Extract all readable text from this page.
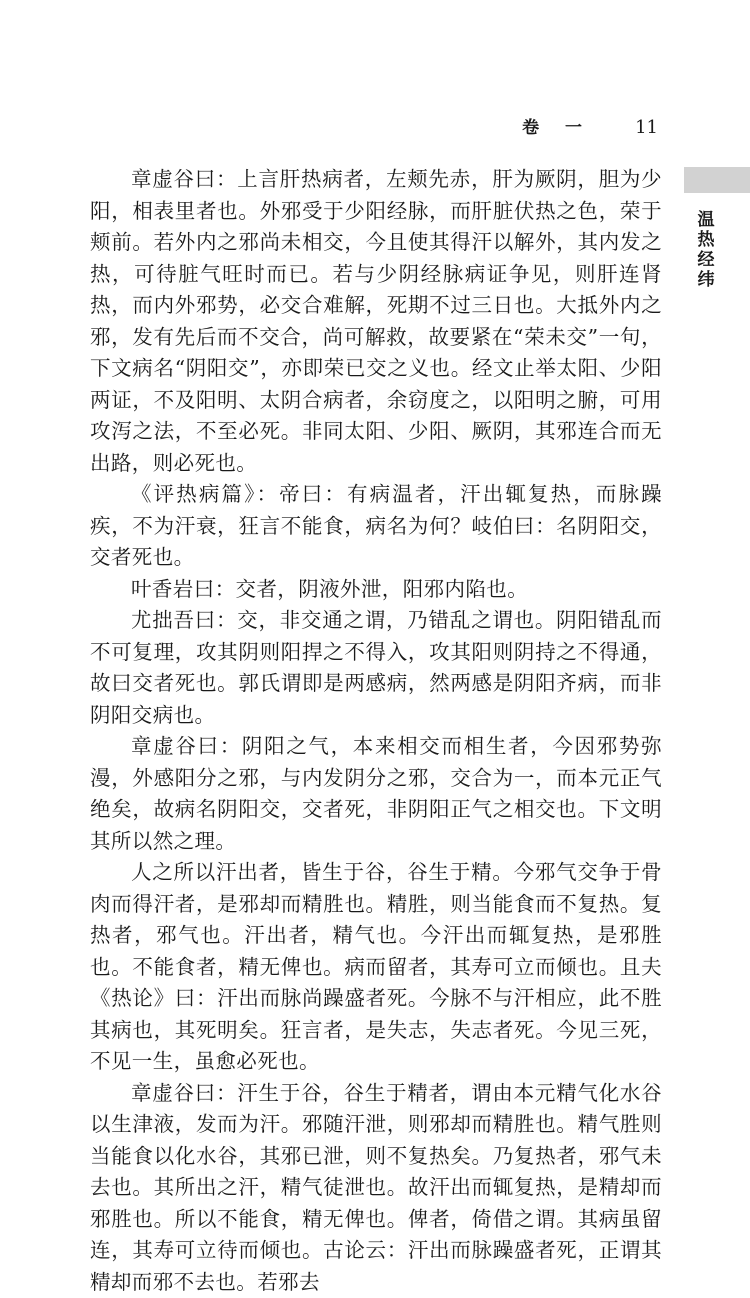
卷 一 11
温热经纬

章虚谷曰：上言肝热病者，左颊先赤，肝为厥阴，胆为少阳，相表里者也。外邪受于少阳经脉，而肝脏伏热之色，荣于颊前。若外内之邪尚未相交，今且使其得汗以解外，其内发之热，可待脏气旺时而已。若与少阴经脉病证争见，则肝连肾热，而内外邪势，必交合难解，死期不过三日也。大抵外内之邪，发有先后而不交合，尚可解救，故要紧在“荣未交”一句，下文病名“阴阳交”，亦即荣已交之义也。经文止举太阳、少阳两证，不及阳明、太阴合病者，余窃度之，以阳明之腑，可用攻泻之法，不至必死。非同太阳、少阳、厥阴，其邪连合而无出路，则必死也。

《评热病篇》：帝曰：有病温者，汗出辄复热，而脉躁疾，不为汗衰，狂言不能食，病名为何？岐伯曰：名阴阳交，交者死也。

叶香岩曰：交者，阴液外泄，阳邪内陷也。

尤拙吾曰：交，非交通之谓，乃错乱之谓也。阴阳错乱而不可复理，攻其阴则阳捍之不得入，攻其阳则阴持之不得通，故曰交者死也。郭氏谓即是两感病，然两感是阴阳齐病，而非阴阳交病也。

章虚谷曰：阴阳之气，本来相交而相生者，今因邪势弥漫，外感阳分之邪，与内发阴分之邪，交合为一，而本元正气绝矣，故病名阴阳交，交者死，非阴阳正气之相交也。下文明其所以然之理。

人之所以汗出者，皆生于谷，谷生于精。今邪气交争于骨肉而得汗者，是邪却而精胜也。精胜，则当能食而不复热。复热者，邪气也。汗出者，精气也。今汗出而辄复热，是邪胜也。不能食者，精无俾也。病而留者，其寿可立而倾也。且夫《热论》曰：汗出而脉尚躁盛者死。今脉不与汗相应，此不胜其病也，其死明矣。狂言者，是失志，失志者死。今见三死，不见一生，虽愈必死也。

章虚谷曰：汗生于谷，谷生于精者，谓由本元精气化水谷以生津液，发而为汗。邪随汗泄，则邪却而精胜也。精气胜则当能食以化水谷，其邪已泄，则不复热矣。乃复热者，邪气未去也。其所出之汗，精气徒泄也。故汗出而辄复热，是精却而邪胜也。所以不能食，精无俾也。俾者，倚借之谓。其病虽留连，其寿可立待而倾也。古论云：汗出而脉躁盛者死，正谓其精却而邪不去也。若邪去
